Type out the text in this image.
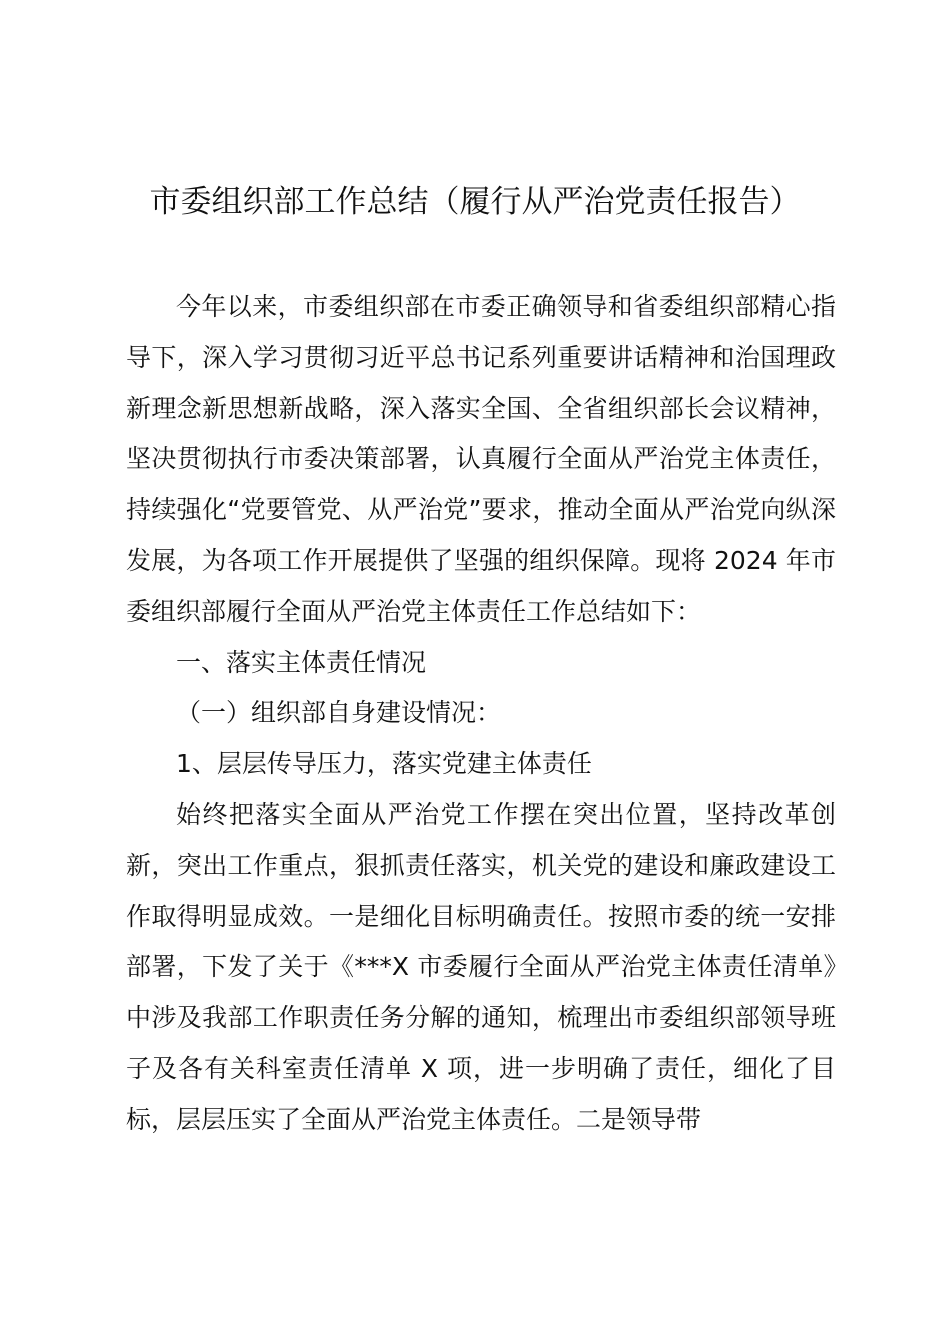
市委组织部工作总结（履行从严治党责任报告）

今年以来，市委组织部在市委正确领导和省委组织部精心指导下，深入学习贯彻习近平总书记系列重要讲话精神和治国理政新理念新思想新战略，深入落实全国、全省组织部长会议精神，坚决贯彻执行市委决策部署，认真履行全面从严治党主体责任，持续强化“党要管党、从严治党”要求，推动全面从严治党向纵深发展，为各项工作开展提供了坚强的组织保障。现将 2024 年市委组织部履行全面从严治党主体责任工作总结如下：

一、落实主体责任情况

（一）组织部自身建设情况：

1、层层传导压力，落实党建主体责任

始终把落实全面从严治党工作摆在突出位置，坚持改革创新，突出工作重点，狠抓责任落实，机关党的建设和廉政建设工作取得明显成效。一是细化目标明确责任。按照市委的统一安排部署，下发了关于《***X 市委履行全面从严治党主体责任清单》中涉及我部工作职责任务分解的通知，梳理出市委组织部领导班子及各有关科室责任清单 X 项，进一步明确了责任，细化了目标，层层压实了全面从严治党主体责任。二是领导带
